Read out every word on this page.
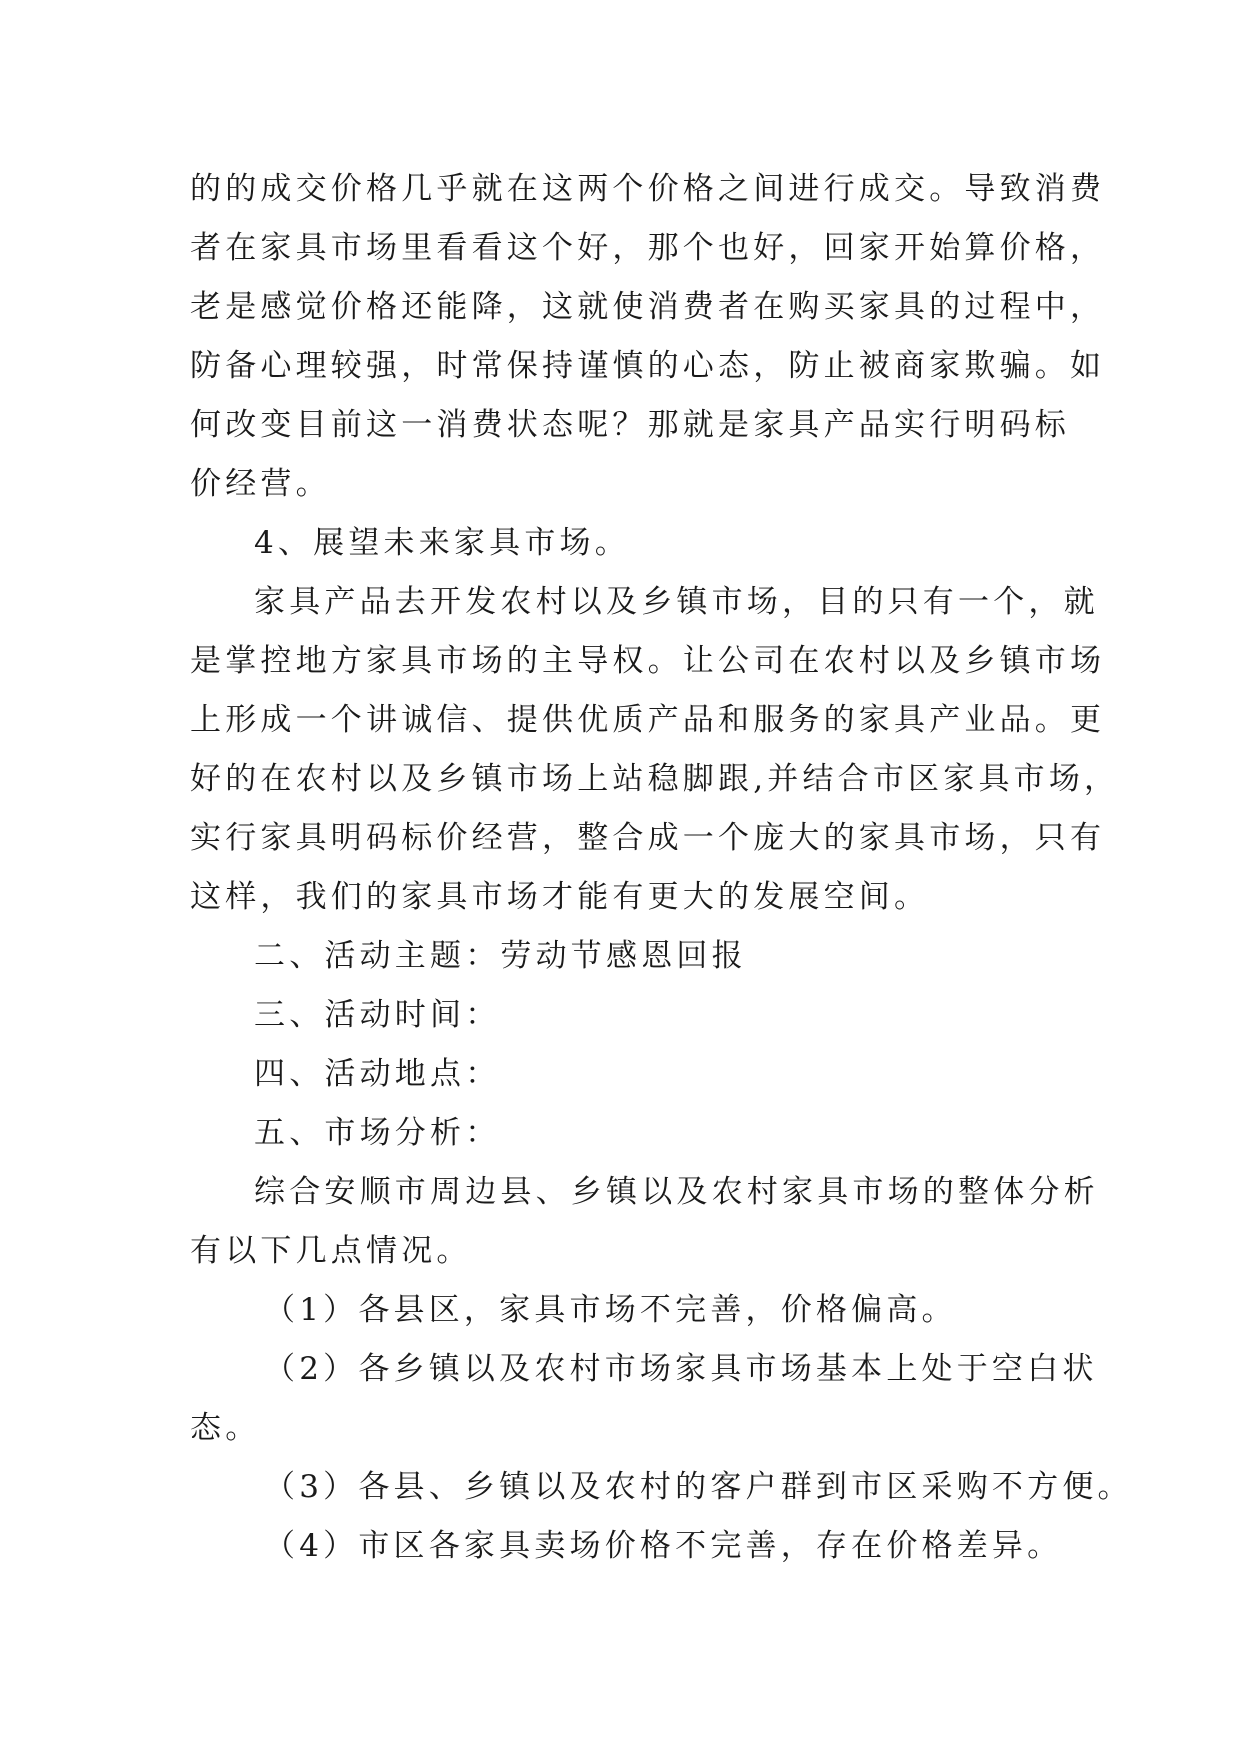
的的成交价格几乎就在这两个价格之间进行成交。导致消费
者在家具市场里看看这个好，那个也好，回家开始算价格，
老是感觉价格还能降，这就使消费者在购买家具的过程中，
防备心理较强，时常保持谨慎的心态，防止被商家欺骗。如
何改变目前这一消费状态呢？那就是家具产品实行明码标
价经营。
4、展望未来家具市场。
家具产品去开发农村以及乡镇市场，目的只有一个，就
是掌控地方家具市场的主导权。让公司在农村以及乡镇市场
上形成一个讲诚信、提供优质产品和服务的家具产业品。更
好的在农村以及乡镇市场上站稳脚跟,并结合市区家具市场，
实行家具明码标价经营，整合成一个庞大的家具市场，只有
这样，我们的家具市场才能有更大的发展空间。
二、活动主题：劳动节感恩回报
三、活动时间：
四、活动地点：
五、市场分析：
综合安顺市周边县、乡镇以及农村家具市场的整体分析
有以下几点情况。
（1）各县区，家具市场不完善，价格偏高。
（2）各乡镇以及农村市场家具市场基本上处于空白状
态。
（3）各县、乡镇以及农村的客户群到市区采购不方便。
（4）市区各家具卖场价格不完善，存在价格差异。
